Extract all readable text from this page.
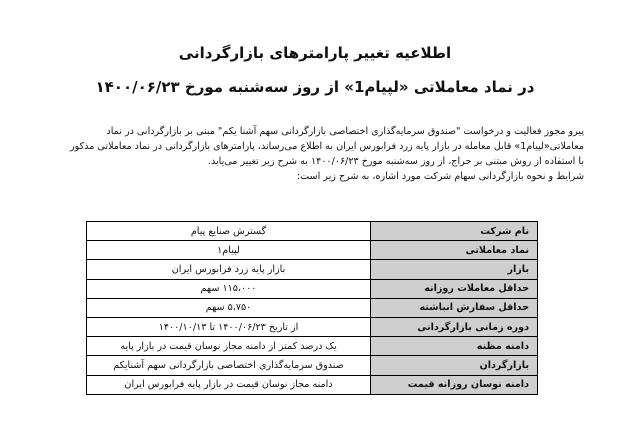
اطلاعیه تغییر پارامترهای بازارگردانی
در نماد معاملاتی «لپیام1» از روز سه‌شنبه مورخ ۱۴۰۰/۰۶/۲۳
پیرو مجوز فعالیت و درخواست "صندوق سرمایه‌گذاری اختصاصی بازارگردانی سهم آشنا یکم" مبنی بر بازارگردانی در نماد
معاملاتی«لپیام1» قابل معامله در بازار پایه زرد فرابورس ایران به اطلاع می‌رساند، پارامترهای بازارگردانی در نماد معاملاتی مذکور
با استفاده از روش مبتنی بر حراج، از روز سه‌شنبه مورخ ۱۴۰۰/۰۶/۲۳ به شرح زیر تغییر می‌یابد.
شرایط و نحوه بازارگردانی سهام شرکت مورد اشاره، به شرح زیر است:
نام شرکت	گسترش صنایع پیام
نماد معاملاتی	لپیام۱
بازار	بازار پایه زرد فرابورس ایران
حداقل معاملات روزانه	۱۱۵،۰۰۰ سهم
حداقل سفارش انباشته	۵،۷۵۰ سهم
دوره زمانی بازارگردانی	از تاریخ ۱۴۰۰/۰۶/۲۳ تا ۱۴۰۰/۱۰/۱۳
دامنه مظنه	یک درصد کمتر از دامنه مجاز نوسان قیمت در بازار پایه
بازارگردان	صندوق سرمایه‌گذاری اختصاصی بازارگردانی سهم آشنایکم
دامنه نوسان روزانه قیمت	دامنه مجاز نوسان قیمت در بازار پایه فرابورس ایران
